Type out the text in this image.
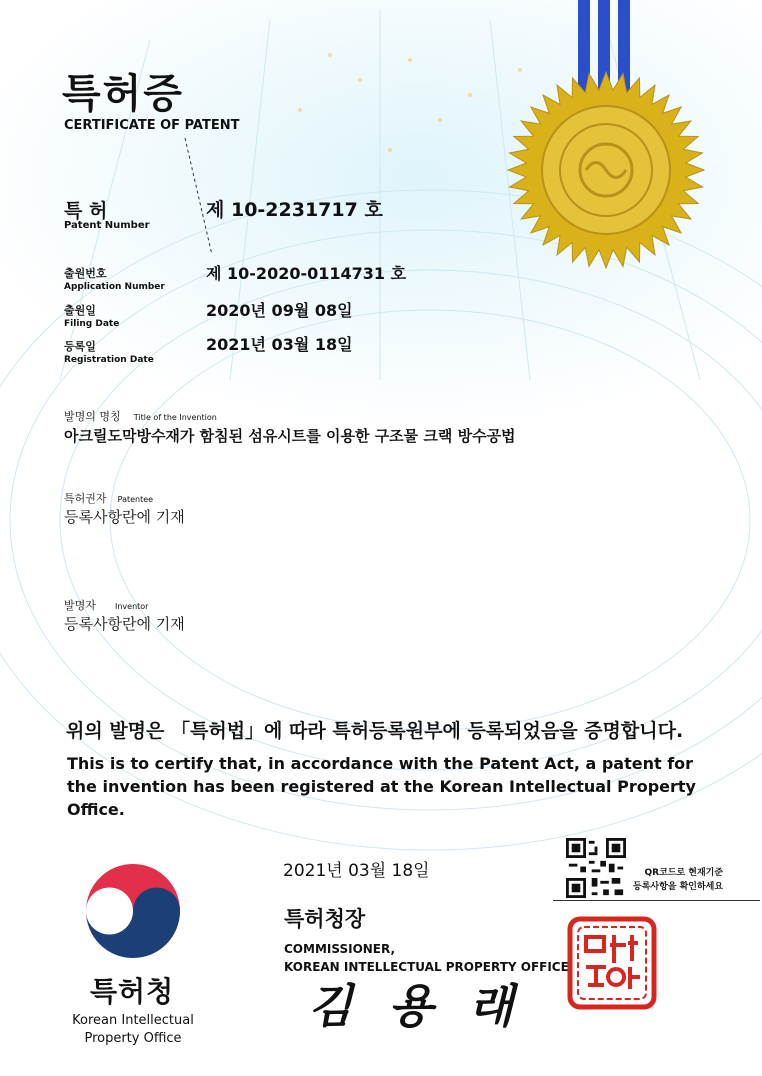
특허증
CERTIFICATE OF PATENT
특 허
Patent Number
제 10-2231717 호
출원번호
Application Number
제 10-2020-0114731 호
출원일
Filing Date
2020년 09월 08일
등록일
Registration Date
2021년 03월 18일
발명의 명칭 Title of the Invention
아크릴도막방수재가 함침된 섬유시트를 이용한 구조물 크랙 방수공법
특허권자 Patentee
등록사항란에 기재
발명자 Inventor
등록사항란에 기재
위의 발명은 「특허법」에 따라 특허등록원부에 등록되었음을 증명합니다.
This is to certify that, in accordance with the Patent Act, a patent for the invention has been registered at the Korean Intellectual Property Office.
2021년 03월 18일
특허청장
COMMISSIONER,
KOREAN INTELLECTUAL PROPERTY OFFICE
김 용 래
QR코드로 현재기준
등록사항을 확인하세요
특허청
Korean Intellectual
Property Office
